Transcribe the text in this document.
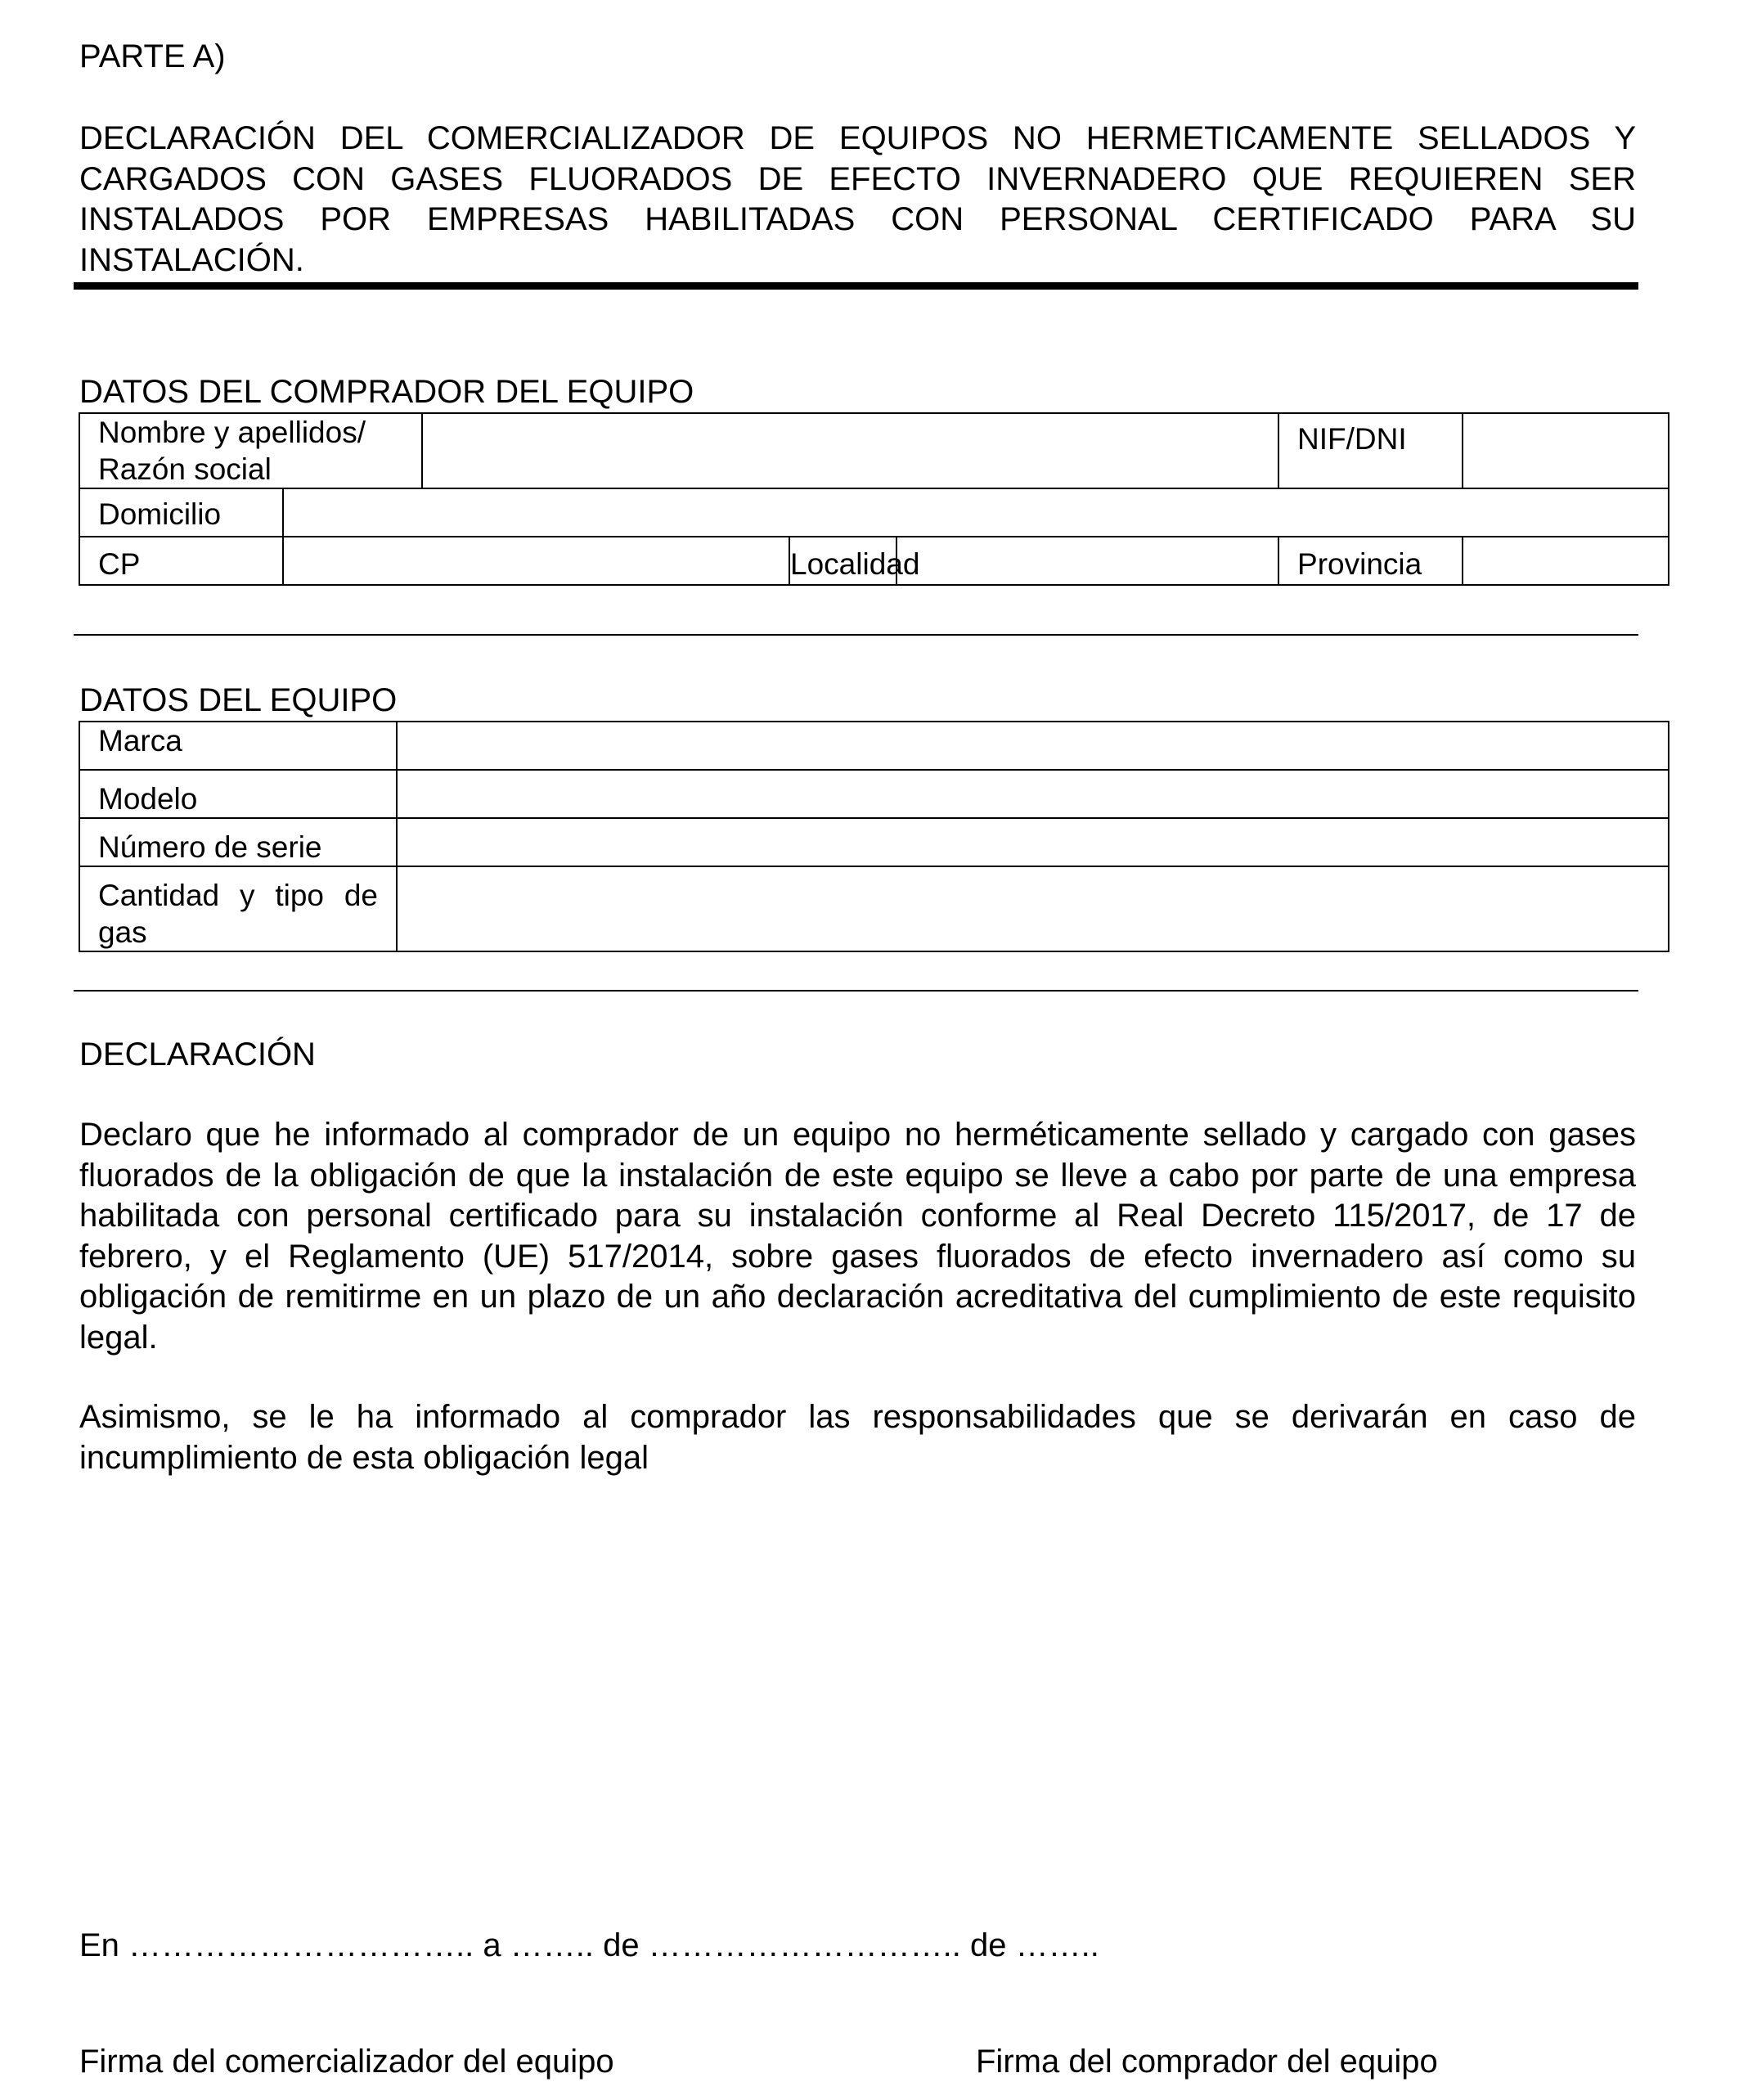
PARTE A)

DECLARACIÓN DEL COMERCIALIZADOR DE EQUIPOS NO HERMETICAMENTE SELLADOS Y CARGADOS CON GASES FLUORADOS DE EFECTO INVERNADERO QUE REQUIEREN SER INSTALADOS POR EMPRESAS HABILITADAS CON PERSONAL CERTIFICADO PARA SU INSTALACIÓN.

DATOS DEL COMPRADOR DEL EQUIPO

Nombre y apellidos/
Razón social					NIF/DNI	
Domicilio						
CP			Localidad		Provincia	

DATOS DEL EQUIPO

Marca	
Modelo	
Número de serie	
Cantidad y tipo de gas	

DECLARACIÓN

Declaro que he informado al comprador de un equipo no herméticamente sellado y cargado con gases fluorados de la obligación de que la instalación de este equipo se lleve a cabo por parte de una empresa habilitada con personal certificado para su instalación conforme al Real Decreto 115/2017, de 17 de febrero, y el Reglamento (UE) 517/2014, sobre gases fluorados de efecto invernadero así como su obligación de remitirme en un plazo de un año declaración acreditativa del cumplimiento de este requisito legal.

Asimismo, se le ha informado al comprador las responsabilidades que se derivarán en caso de incumplimiento de esta obligación legal

En ………………………….. a …….. de ……………………….. de ……..

Firma del comercializador del equipo	Firma del comprador del equipo
